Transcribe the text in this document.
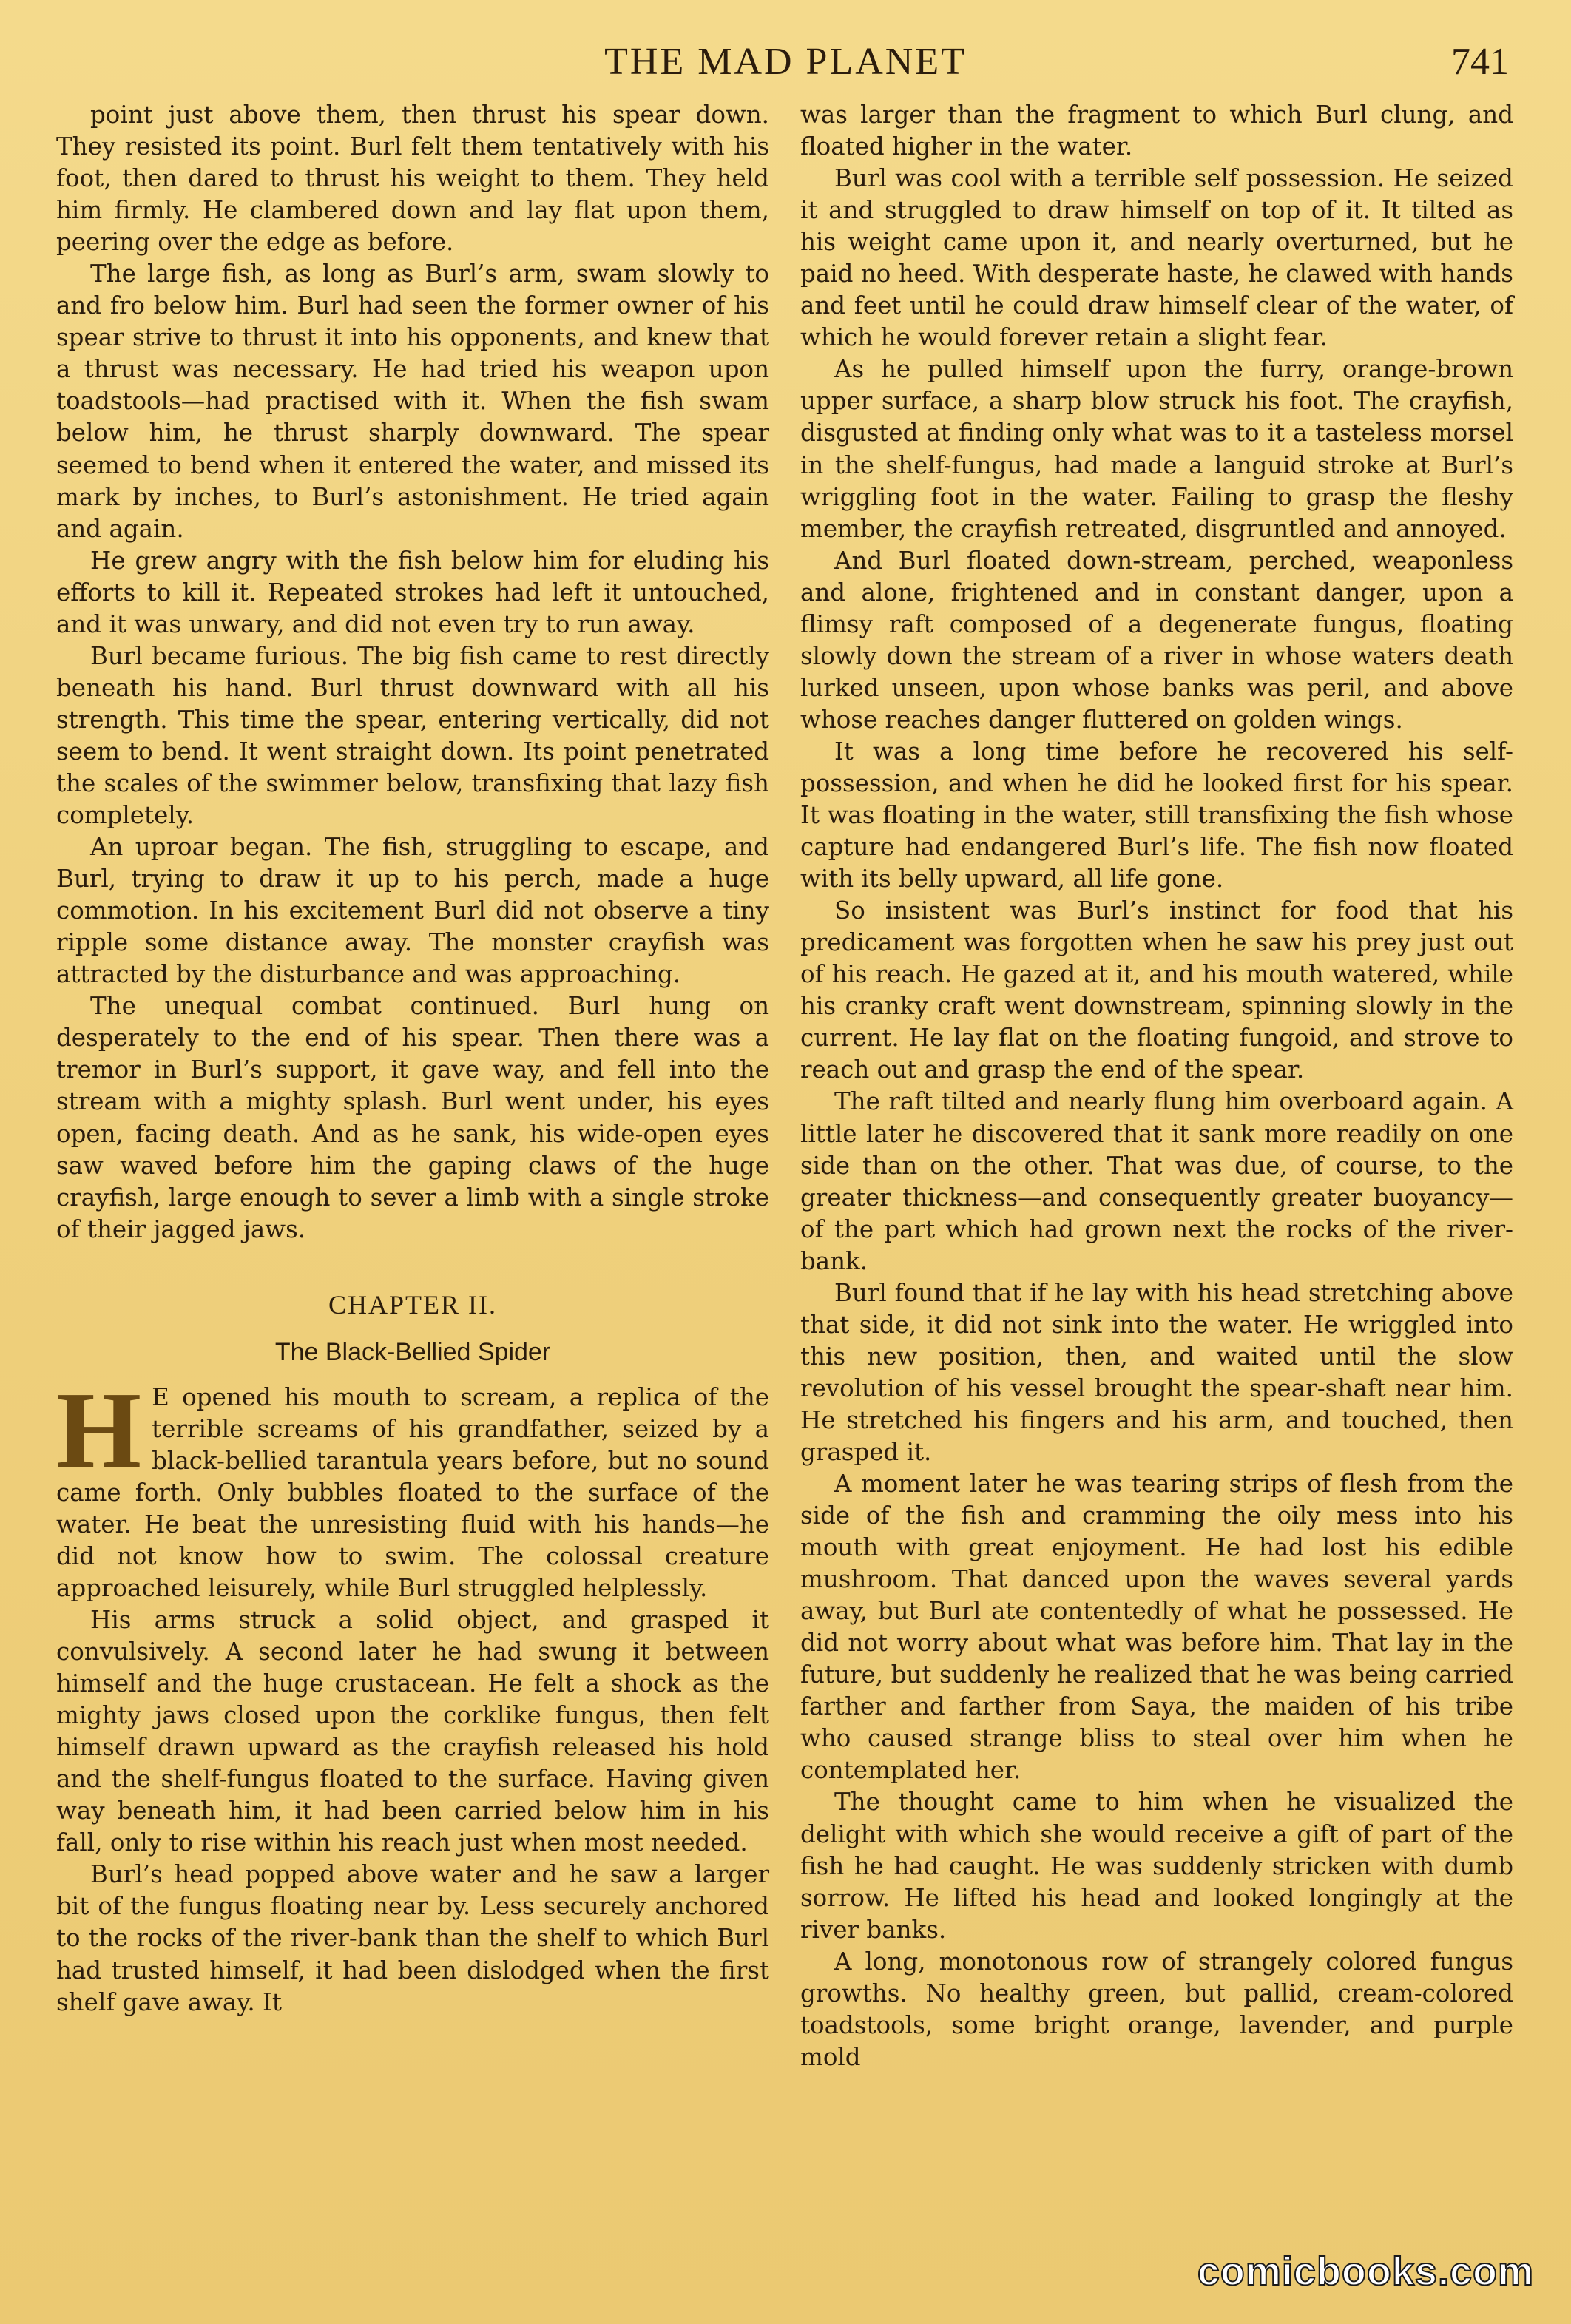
THE MAD PLANET	741

point just above them, then thrust his spear down. They resisted its point. Burl felt them tentatively with his foot, then dared to thrust his weight to them. They held him firmly. He clambered down and lay flat upon them, peering over the edge as before.

The large fish, as long as Burl’s arm, swam slowly to and fro below him. Burl had seen the former owner of his spear strive to thrust it into his opponents, and knew that a thrust was necessary. He had tried his weapon upon toadstools—had practised with it. When the fish swam below him, he thrust sharply downward. The spear seemed to bend when it entered the water, and missed its mark by inches, to Burl’s astonishment. He tried again and again.

He grew angry with the fish below him for eluding his efforts to kill it. Repeated strokes had left it untouched, and it was unwary, and did not even try to run away.

Burl became furious. The big fish came to rest directly beneath his hand. Burl thrust downward with all his strength. This time the spear, entering vertically, did not seem to bend. It went straight down. Its point penetrated the scales of the swimmer below, transfixing that lazy fish completely.

An uproar began. The fish, struggling to escape, and Burl, trying to draw it up to his perch, made a huge commotion. In his excitement Burl did not observe a tiny ripple some distance away. The monster crayfish was attracted by the disturbance and was approaching.

The unequal combat continued. Burl hung on desperately to the end of his spear. Then there was a tremor in Burl’s support, it gave way, and fell into the stream with a mighty splash. Burl went under, his eyes open, facing death. And as he sank, his wide-open eyes saw waved before him the gaping claws of the huge crayfish, large enough to sever a limb with a single stroke of their jagged jaws.

CHAPTER II.
The Black-Bellied Spider

H E opened his mouth to scream, a replica of the terrible screams of his grandfather, seized by a black-bellied tarantula years before, but no sound came forth. Only bubbles floated to the surface of the water. He beat the unresisting fluid with his hands—he did not know how to swim. The colossal creature approached leisurely, while Burl struggled helplessly.

His arms struck a solid object, and grasped it convulsively. A second later he had swung it between himself and the huge crustacean. He felt a shock as the mighty jaws closed upon the corklike fungus, then felt himself drawn upward as the crayfish released his hold and the shelf-fungus floated to the surface. Having given way beneath him, it had been carried below him in his fall, only to rise within his reach just when most needed.

Burl’s head popped above water and he saw a larger bit of the fungus floating near by. Less securely anchored to the rocks of the river-bank than the shelf to which Burl had trusted himself, it had been dislodged when the first shelf gave away. It

was larger than the fragment to which Burl clung, and floated higher in the water.

Burl was cool with a terrible self possession. He seized it and struggled to draw himself on top of it. It tilted as his weight came upon it, and nearly overturned, but he paid no heed. With desperate haste, he clawed with hands and feet until he could draw himself clear of the water, of which he would forever retain a slight fear.

As he pulled himself upon the furry, orange-brown upper surface, a sharp blow struck his foot. The crayfish, disgusted at finding only what was to it a tasteless morsel in the shelf-fungus, had made a languid stroke at Burl’s wriggling foot in the water. Failing to grasp the fleshy member, the crayfish retreated, disgruntled and annoyed.

And Burl floated down-stream, perched, weaponless and alone, frightened and in constant danger, upon a flimsy raft composed of a degenerate fungus, floating slowly down the stream of a river in whose waters death lurked unseen, upon whose banks was peril, and above whose reaches danger fluttered on golden wings.

It was a long time before he recovered his self-possession, and when he did he looked first for his spear. It was floating in the water, still transfixing the fish whose capture had endangered Burl’s life. The fish now floated with its belly upward, all life gone.

So insistent was Burl’s instinct for food that his predicament was forgotten when he saw his prey just out of his reach. He gazed at it, and his mouth watered, while his cranky craft went downstream, spinning slowly in the current. He lay flat on the floating fungoid, and strove to reach out and grasp the end of the spear.

The raft tilted and nearly flung him overboard again. A little later he discovered that it sank more readily on one side than on the other. That was due, of course, to the greater thickness—and consequently greater buoyancy—of the part which had grown next the rocks of the river-bank.

Burl found that if he lay with his head stretching above that side, it did not sink into the water. He wriggled into this new position, then, and waited until the slow revolution of his vessel brought the spear-shaft near him. He stretched his fingers and his arm, and touched, then grasped it.

A moment later he was tearing strips of flesh from the side of the fish and cramming the oily mess into his mouth with great enjoyment. He had lost his edible mushroom. That danced upon the waves several yards away, but Burl ate contentedly of what he possessed. He did not worry about what was before him. That lay in the future, but suddenly he realized that he was being carried farther and farther from Saya, the maiden of his tribe who caused strange bliss to steal over him when he contemplated her.

The thought came to him when he visualized the delight with which she would receive a gift of part of the fish he had caught. He was suddenly stricken with dumb sorrow. He lifted his head and looked longingly at the river banks.

A long, monotonous row of strangely colored fungus growths. No healthy green, but pallid, cream-colored toadstools, some bright orange, lavender, and purple mold

comicbooks.com
